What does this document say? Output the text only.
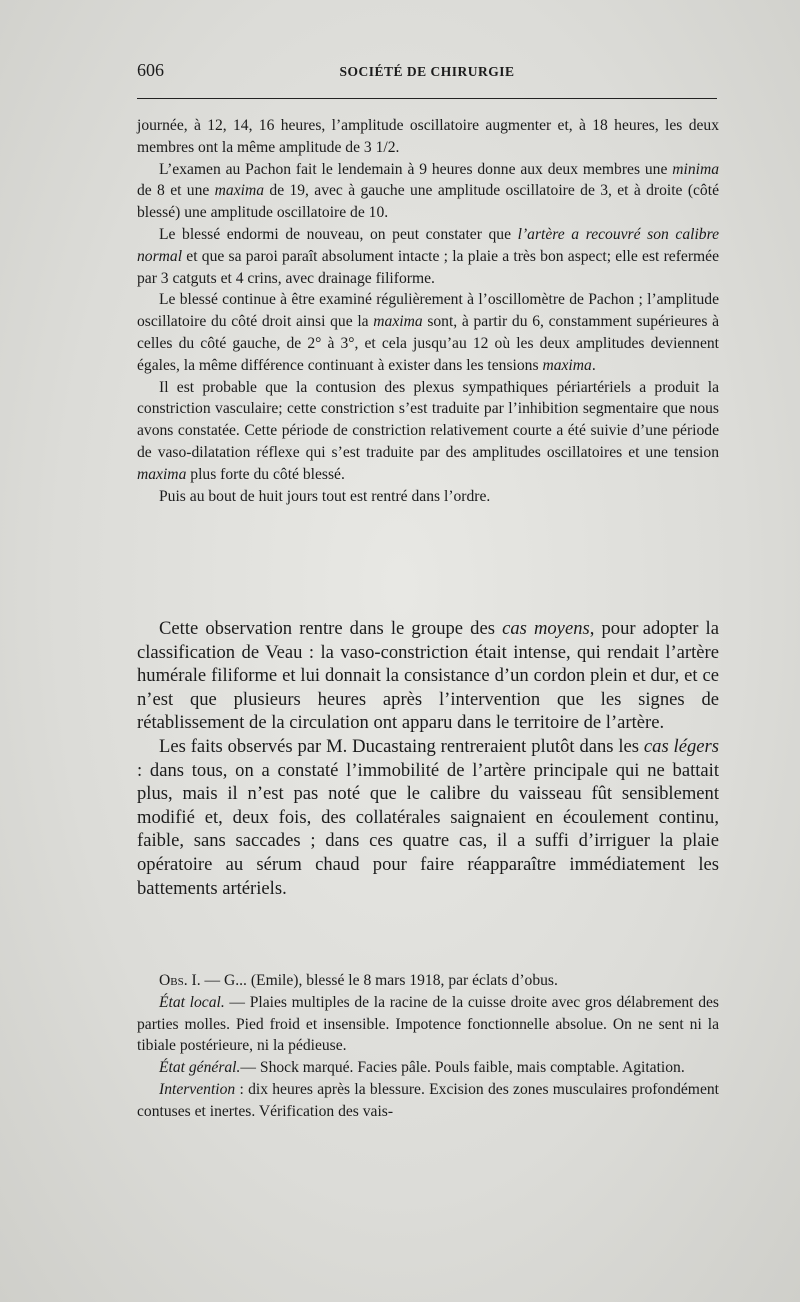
606	SOCIÉTÉ DE CHIRURGIE

journée, à 12, 14, 16 heures, l’amplitude oscillatoire augmenter et, à 18 heures, les deux membres ont la même amplitude de 3 1/2.

L’examen au Pachon fait le lendemain à 9 heures donne aux deux membres une minima de 8 et une maxima de 19, avec à gauche une amplitude oscillatoire de 3, et à droite (côté blessé) une amplitude oscillatoire de 10.

Le blessé endormi de nouveau, on peut constater que l’artère a recouvré son calibre normal et que sa paroi paraît absolument intacte ; la plaie a très bon aspect; elle est refermée par 3 catguts et 4 crins, avec drainage filiforme.

Le blessé continue à être examiné régulièrement à l’oscillomètre de Pachon ; l’amplitude oscillatoire du côté droit ainsi que la maxima sont, à partir du 6, constamment supérieures à celles du côté gauche, de 2° à 3°, et cela jusqu’au 12 où les deux amplitudes deviennent égales, la même différence continuant à exister dans les tensions maxima.

Il est probable que la contusion des plexus sympathiques périartériels a produit la constriction vasculaire; cette constriction s’est traduite par l’inhibition segmentaire que nous avons constatée. Cette période de constriction relativement courte a été suivie d’une période de vaso-dilatation réflexe qui s’est traduite par des amplitudes oscillatoires et une tension maxima plus forte du côté blessé.

Puis au bout de huit jours tout est rentré dans l’ordre.

Cette observation rentre dans le groupe des cas moyens, pour adopter la classification de Veau : la vaso-constriction était intense, qui rendait l’artère humérale filiforme et lui donnait la consistance d’un cordon plein et dur, et ce n’est que plusieurs heures après l’intervention que les signes de rétablissement de la circulation ont apparu dans le territoire de l’artère.

Les faits observés par M. Ducastaing rentreraient plutôt dans les cas légers : dans tous, on a constaté l’immobilité de l’artère principale qui ne battait plus, mais il n’est pas noté que le calibre du vaisseau fût sensiblement modifié et, deux fois, des collatérales saignaient en écoulement continu, faible, sans saccades ; dans ces quatre cas, il a suffi d’irriguer la plaie opératoire au sérum chaud pour faire réapparaître immédiatement les battements artériels.

Obs. I. — G... (Emile), blessé le 8 mars 1918, par éclats d’obus.

État local. — Plaies multiples de la racine de la cuisse droite avec gros délabrement des parties molles. Pied froid et insensible. Impotence fonctionnelle absolue. On ne sent ni la tibiale postérieure, ni la pédieuse.

État général.— Shock marqué. Facies pâle. Pouls faible, mais comptable. Agitation.

Intervention : dix heures après la blessure. Excision des zones musculaires profondément contuses et inertes. Vérification des vais-
